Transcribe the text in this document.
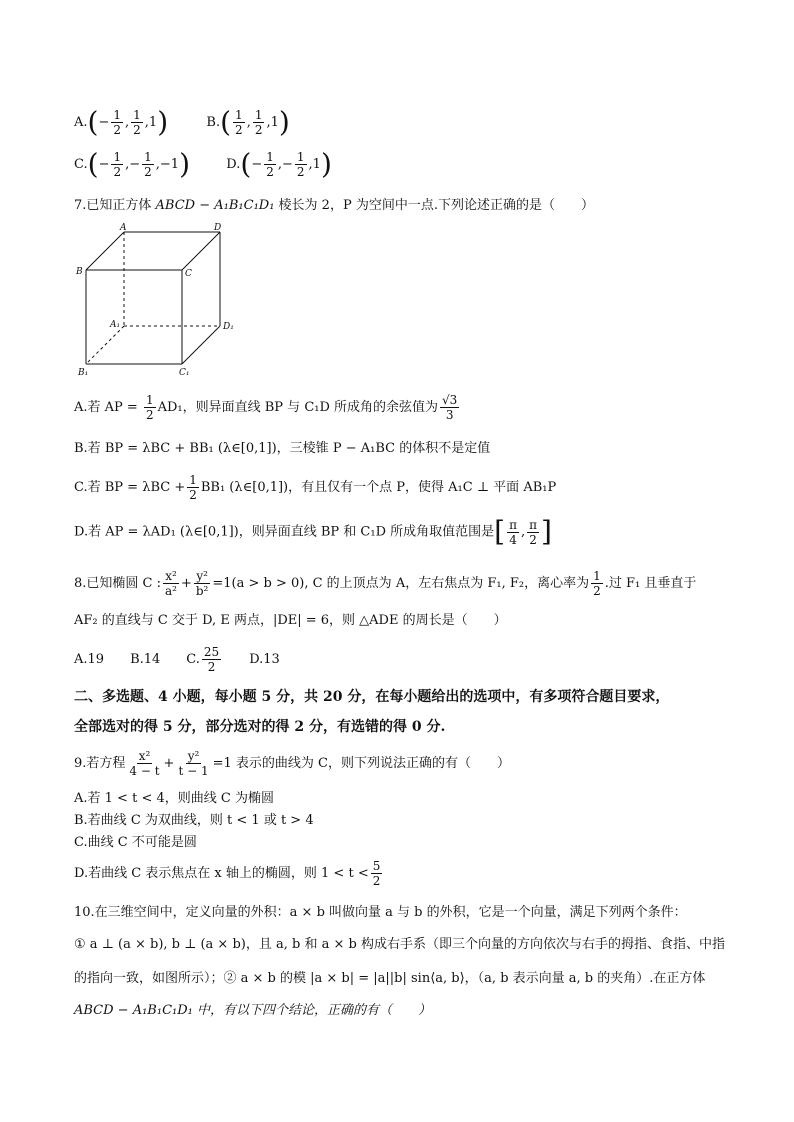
$A.(- \frac{1}{2}$ , $\frac{1}{2} ,1$)	$B.( \frac{1}{2}$ , $\frac{1}{2} ,1$)
$C.(- \frac{1}{2}$ ,− $\frac{1}{2} ,-1$)	$D.(- \frac{1}{2}$ ,− $\frac{1}{2} ,1$)
7.已知正方体 ABCD − A₁B₁C₁D₁ 棱长为 2，P 为空间中一点.下列论述正确的是（　　）
A	D
B	C
A₁	D₁
B₁	C₁
A.若 AP = $\frac{1}{2} AD_1$，则异面直线 BP 与 C₁D 所成角的余弦值为 $\frac{√3}{3}$
B.若 BP = λBC + BB₁ (λ∈[0,1])，三棱锥 P − A₁BC 的体积不是定值
C.若 BP = $\lambda BC + \frac{1}{2} BB_1$ (λ∈[0,1])，有且仅有一个点 P，使得 A₁C ⊥ 平面 AB₁P
D.若 AP = λAD₁ (λ∈[0,1])，则异面直线 BP 和 C₁D 所成角取值范围是[ $\frac{\pi}{4}$ , $\frac{\pi}{2}$ ]
8.已知椭圆 C : $\frac{\text{x²}}{\text{a²}} + \frac{\text{y²}}{\text{b²}} =1(a > b > 0)$, C 的上顶点为 A，左右焦点为 F₁, F₂，离心率为 $\frac{1}{2}$ .过 F₁ 且垂直于
AF₂ 的直线与 C 交于 D, E 两点，|DE| = 6，则 △ADE 的周长是（　　）
A.19　　B.14　　C. $\frac{25}{2}$ 　　D.13
二、多选题、4 小题，每小题 5 分，共 20 分，在每小题给出的选项中，有多项符合题目要求，
全部选对的得 5 分，部分选对的得 2 分，有选错的得 0 分.
9.若方程 $\frac{\text{x²}}{4 - t} + \frac{\text{y²}}{t - 1} =1$ 表示的曲线为 C，则下列说法正确的有（　　）
A.若 1 < t < 4，则曲线 C 为椭圆
B.若曲线 C 为双曲线，则 t < 1 或 t > 4
C.曲线 C 不可能是圆
D.若曲线 C 表示焦点在 x 轴上的椭圆，则 $1 < t < \frac{5}{2}$
10.在三维空间中，定义向量的外积：a × b 叫做向量 a 与 b 的外积，它是一个向量，满足下列两个条件：
① a ⊥ (a × b), b ⊥ (a × b)，且 a, b 和 a × b 构成右手系（即三个向量的方向依次与右手的拇指、食指、中指
的指向一致，如图所示）；② a × b 的模 |a × b| = |a||b| sin⟨a, b⟩，（a, b 表示向量 a, b 的夹角）.在正方体
ABCD − A₁B₁C₁D₁ 中，有以下四个结论，正确的有（　　）
